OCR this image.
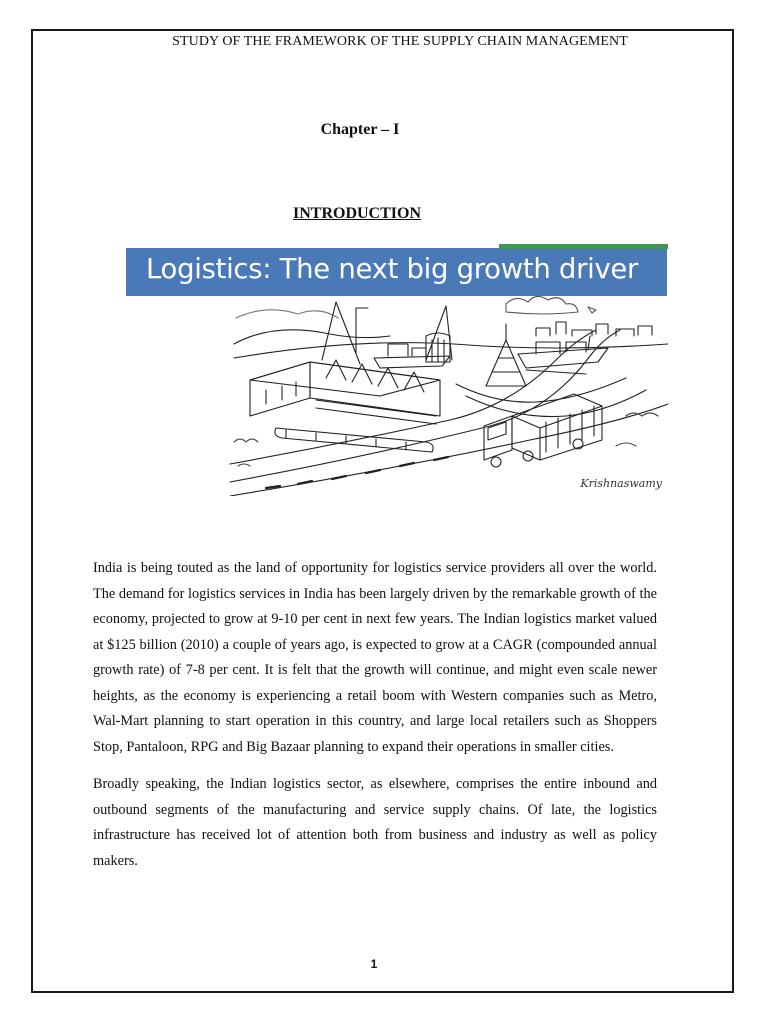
STUDY OF THE FRAMEWORK OF THE SUPPLY CHAIN MANAGEMENT
Chapter – I
INTRODUCTION
Logistics: The next big growth driver
Krishnaswamy

India is being touted as the land of opportunity for logistics service providers all over the world. The demand for logistics services in India has been largely driven by the remarkable growth of the economy, projected to grow at 9-10 per cent in next few years. The Indian logistics market valued at $125 billion (2010) a couple of years ago, is expected to grow at a CAGR (compounded annual growth rate) of 7-8 per cent. It is felt that the growth will continue, and might even scale newer heights, as the economy is experiencing a retail boom with Western companies such as Metro, Wal-Mart planning to start operation in this country, and large local retailers such as Shoppers Stop, Pantaloon, RPG and Big Bazaar planning to expand their operations in smaller cities.

Broadly speaking, the Indian logistics sector, as elsewhere, comprises the entire inbound and outbound segments of the manufacturing and service supply chains. Of late, the logistics infrastructure has received lot of attention both from business and industry as well as policy makers.

1
